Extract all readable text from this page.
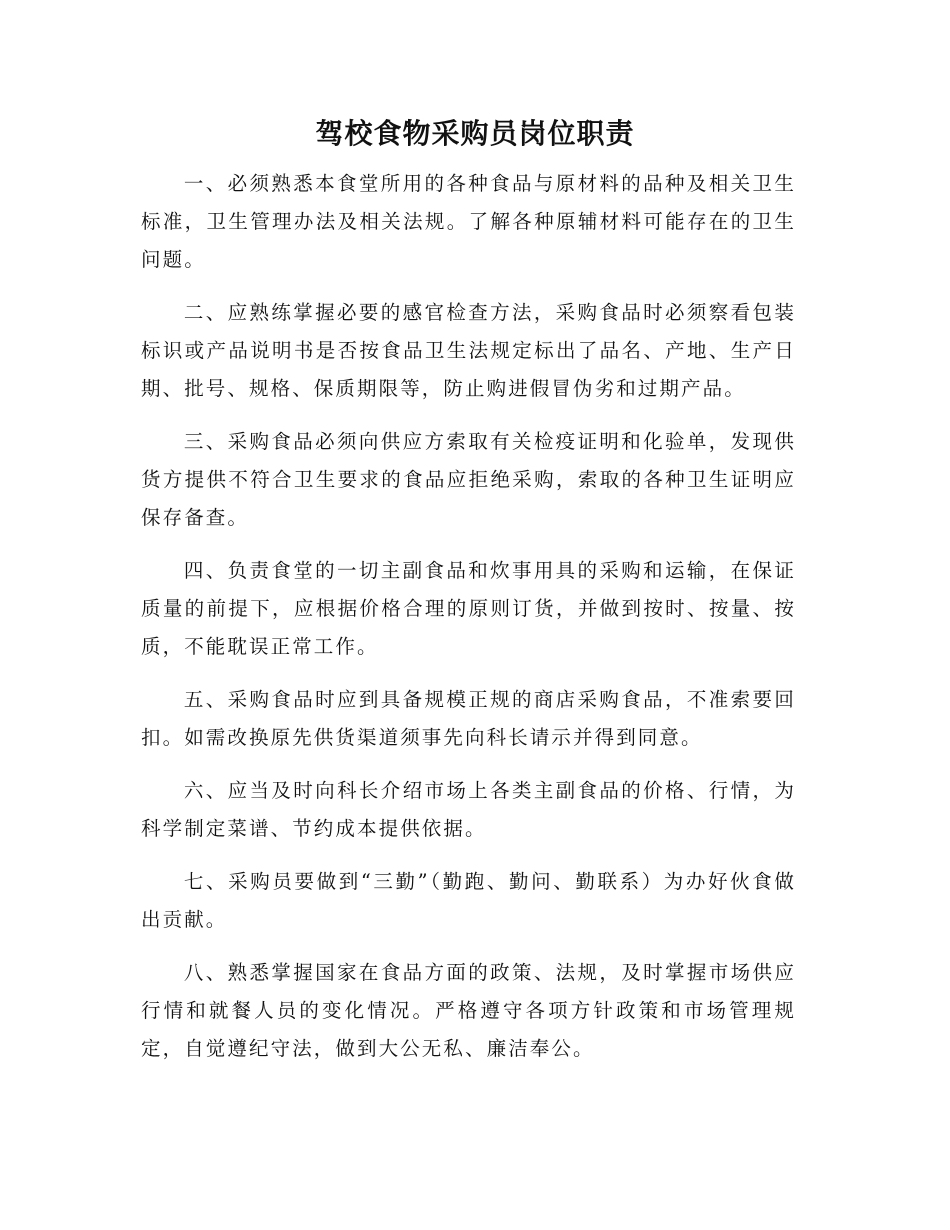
驾校食物采购员岗位职责

一、必须熟悉本食堂所用的各种食品与原材料的品种及相关卫生标准，卫生管理办法及相关法规。了解各种原辅材料可能存在的卫生问题。

二、应熟练掌握必要的感官检查方法，采购食品时必须察看包装标识或产品说明书是否按食品卫生法规定标出了品名、产地、生产日期、批号、规格、保质期限等，防止购进假冒伪劣和过期产品。

三、采购食品必须向供应方索取有关检疫证明和化验单，发现供货方提供不符合卫生要求的食品应拒绝采购，索取的各种卫生证明应保存备查。

四、负责食堂的一切主副食品和炊事用具的采购和运输，在保证质量的前提下，应根据价格合理的原则订货，并做到按时、按量、按质，不能耽误正常工作。

五、采购食品时应到具备规模正规的商店采购食品，不准索要回扣。如需改换原先供货渠道须事先向科长请示并得到同意。

六、应当及时向科长介绍市场上各类主副食品的价格、行情，为科学制定菜谱、节约成本提供依据。

七、采购员要做到“三勤”（勤跑、勤问、勤联系）为办好伙食做出贡献。

八、熟悉掌握国家在食品方面的政策、法规，及时掌握市场供应行情和就餐人员的变化情况。严格遵守各项方针政策和市场管理规定，自觉遵纪守法，做到大公无私、廉洁奉公。
